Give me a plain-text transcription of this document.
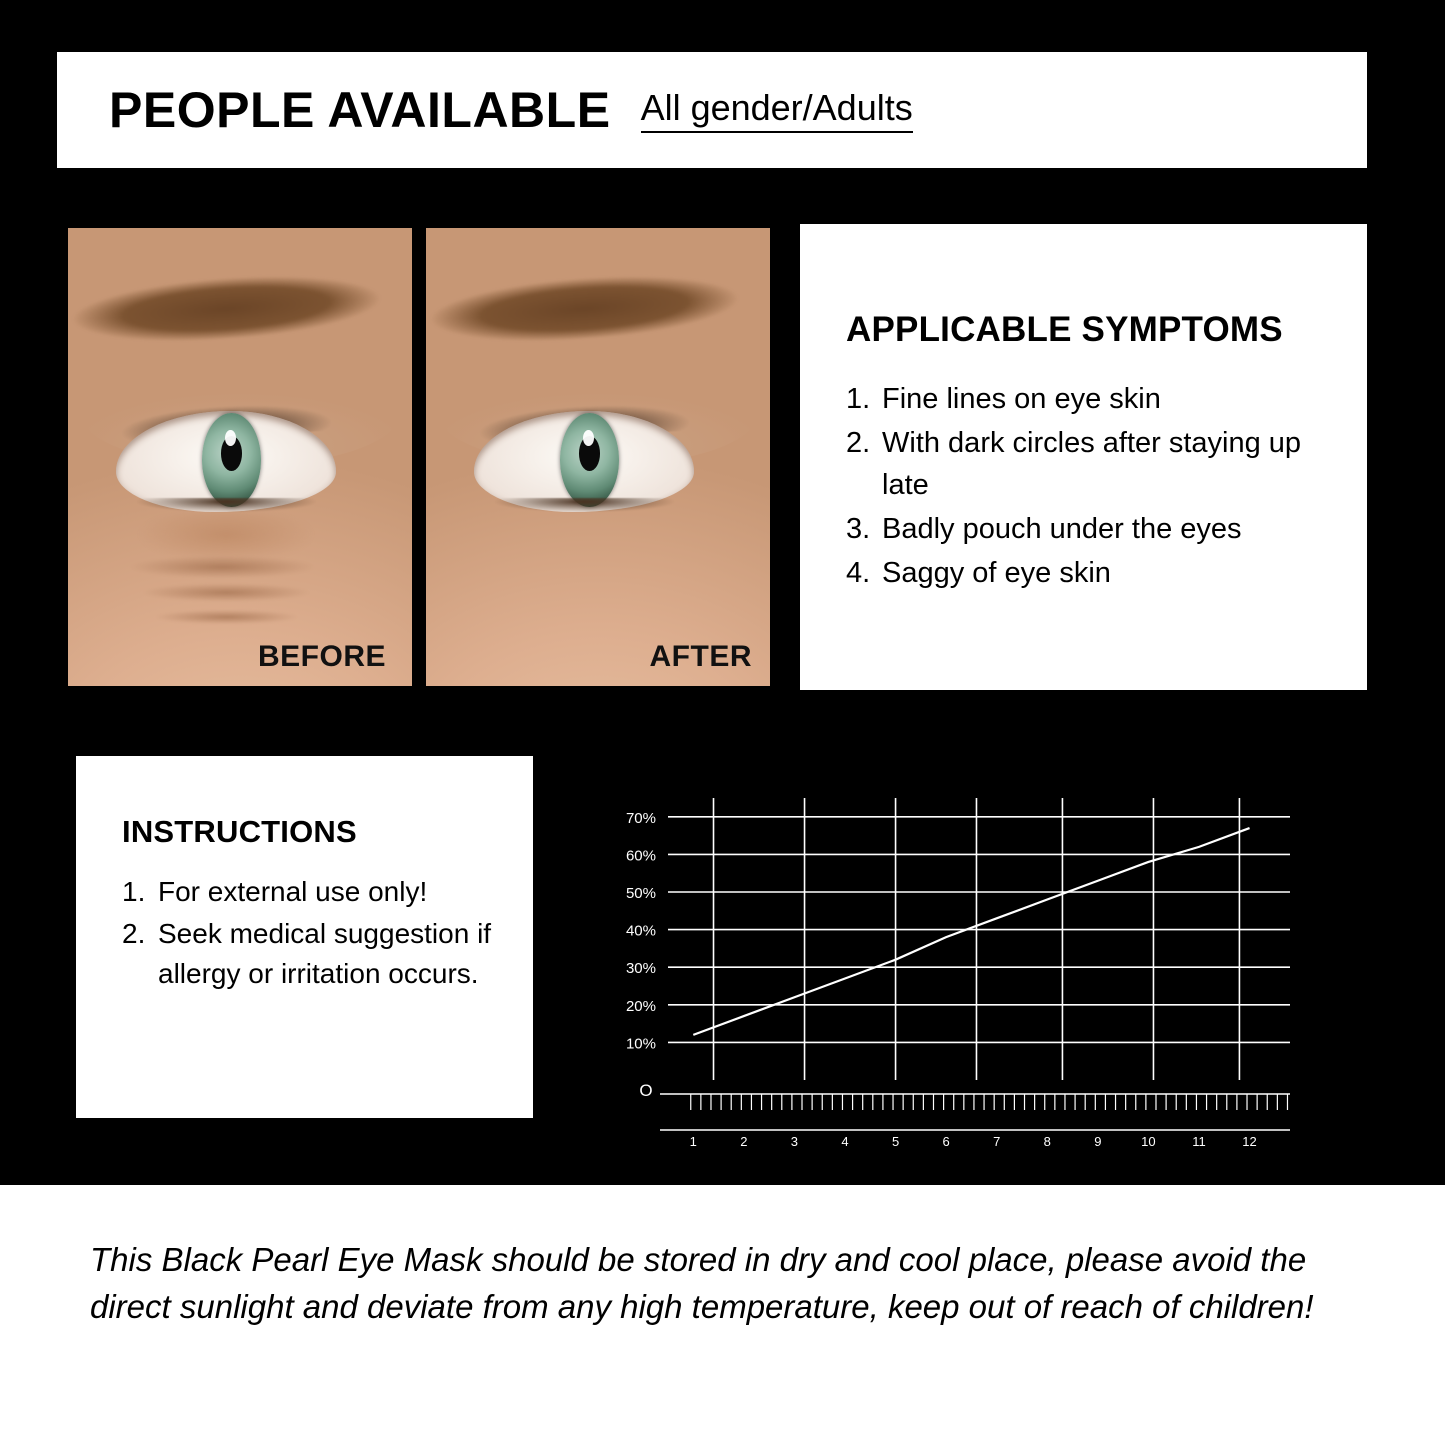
PEOPLE AVAILABLE All gender/Adults
BEFORE	AFTER
APPLICABLE SYMPTOMS
1. Fine lines on eye skin
2. With dark circles after staying up late
3. Badly pouch under the eyes
4. Saggy of eye skin
INSTRUCTIONS
1. For external use only!
2. Seek medical suggestion if allergy or irritation occurs.
10%
20%
30%
40%
50%
60%
70%
O
1	2	3	4	5	6	7	8	9	10	11	12
This Black Pearl Eye Mask should be stored in dry and cool place, please avoid the direct sunlight and deviate from any high temperature, keep out of reach of children!
